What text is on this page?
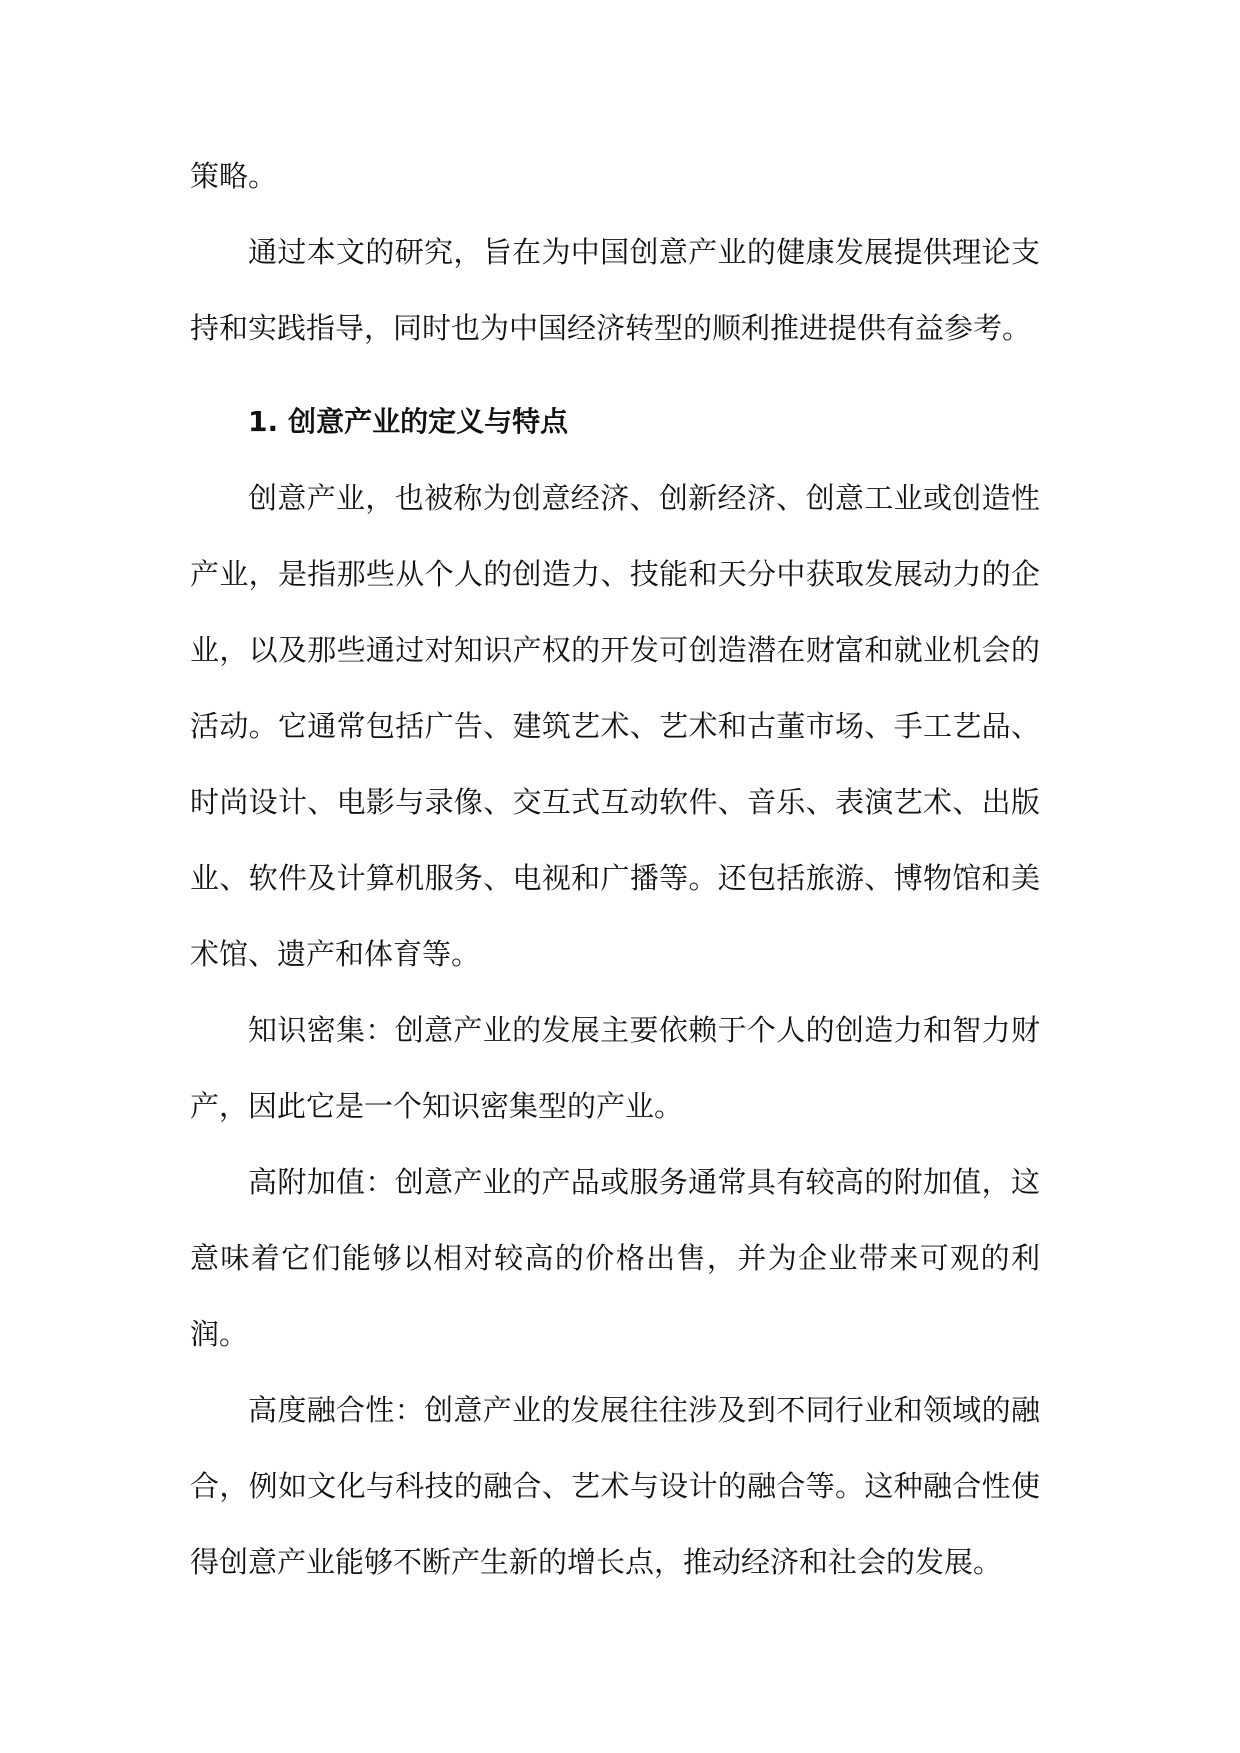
策略。

通过本文的研究，旨在为中国创意产业的健康发展提供理论支持和实践指导，同时也为中国经济转型的顺利推进提供有益参考。

1. 创意产业的定义与特点

创意产业，也被称为创意经济、创新经济、创意工业或创造性产业，是指那些从个人的创造力、技能和天分中获取发展动力的企业，以及那些通过对知识产权的开发可创造潜在财富和就业机会的活动。它通常包括广告、建筑艺术、艺术和古董市场、手工艺品、时尚设计、电影与录像、交互式互动软件、音乐、表演艺术、出版业、软件及计算机服务、电视和广播等。还包括旅游、博物馆和美术馆、遗产和体育等。

知识密集：创意产业的发展主要依赖于个人的创造力和智力财产，因此它是一个知识密集型的产业。

高附加值：创意产业的产品或服务通常具有较高的附加值，这意味着它们能够以相对较高的价格出售，并为企业带来可观的利润。

高度融合性：创意产业的发展往往涉及到不同行业和领域的融合，例如文化与科技的融合、艺术与设计的融合等。这种融合性使得创意产业能够不断产生新的增长点，推动经济和社会的发展。
